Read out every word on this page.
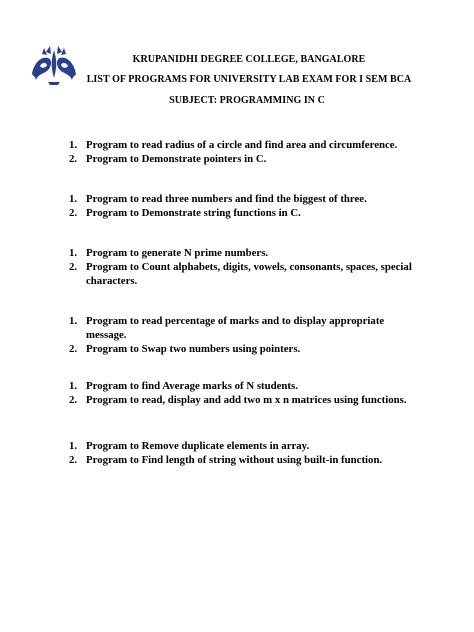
KRUPANIDHI DEGREE COLLEGE, BANGALORE
LIST OF PROGRAMS FOR UNIVERSITY LAB EXAM FOR I SEM BCA
SUBJECT: PROGRAMMING IN C
1. Program to read radius of a circle and find area and circumference.
2. Program to Demonstrate pointers in C.
1. Program to read three numbers and find the biggest of three.
2. Program to Demonstrate string functions in C.
1. Program to generate N prime numbers.
2. Program to Count alphabets, digits, vowels, consonants, spaces, special characters.
1. Program to read percentage of marks and to display appropriate message.
2. Program to Swap two numbers using pointers.
1. Program to find Average marks of N students.
2. Program to read, display and add two m x n matrices using functions.
1. Program to Remove duplicate elements in array.
2. Program to Find length of string without using built-in function.
